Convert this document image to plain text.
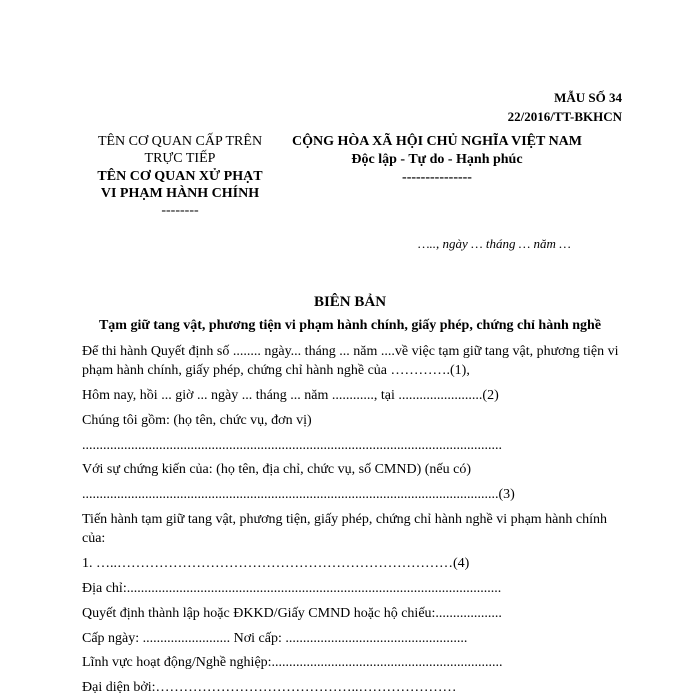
MẪU SỐ 34
22/2016/TT-BKHCN
TÊN CƠ QUAN CẤP TRÊN
TRỰC TIẾP
TÊN CƠ QUAN XỬ PHẠT
VI PHẠM HÀNH CHÍNH
--------
CỘNG HÒA XÃ HỘI CHỦ NGHĨA VIỆT NAM
Độc lập - Tự do - Hạnh phúc
---------------
….., ngày … tháng … năm …
BIÊN BẢN
Tạm giữ tang vật, phương tiện vi phạm hành chính, giấy phép, chứng chỉ hành nghề
Để thi hành Quyết định số ........ ngày... tháng ... năm ....về việc tạm giữ tang vật, phương tiện vi
phạm hành chính, giấy phép, chứng chỉ hành nghề của ………….(1),
Hôm nay, hồi ... giờ ... ngày ... tháng ... năm ............, tại ........................(2)
Chúng tôi gồm: (họ tên, chức vụ, đơn vị)
........................................................................................................................
Với sự chứng kiến của: (họ tên, địa chỉ, chức vụ, số CMND) (nếu có)
.......................................................................................................................(3)
Tiến hành tạm giữ tang vật, phương tiện, giấy phép, chứng chỉ hành nghề vi phạm hành chính
của:
1. …..………………………………………………………………(4)
Địa chỉ:...........................................................................................................
Quyết định thành lập hoặc ĐKKD/Giấy CMND hoặc hộ chiếu:...................
Cấp ngày: ......................... Nơi cấp: ....................................................
Lĩnh vực hoạt động/Nghề nghiệp:..................................................................
Đại diện bởi:……………………………………..…………………
